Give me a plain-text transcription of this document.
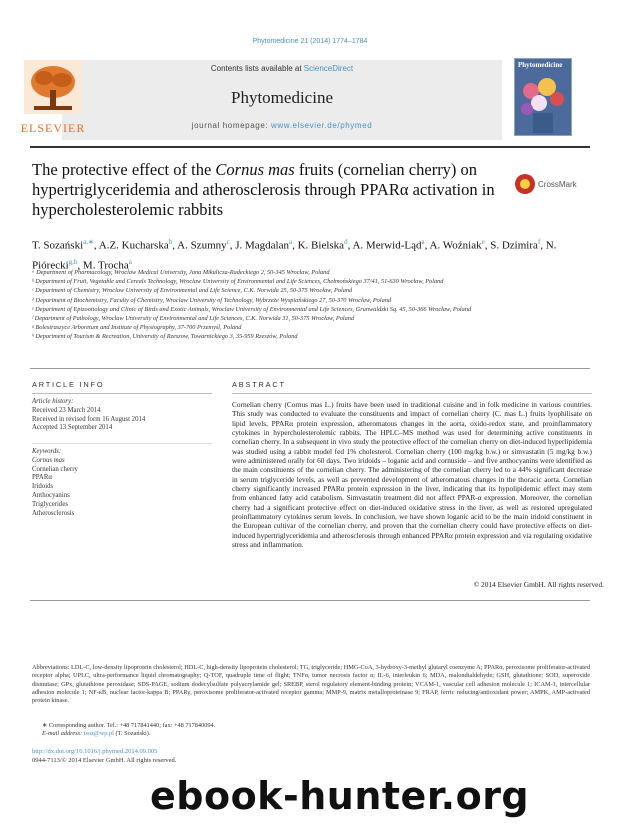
Phytomedicine 21 (2014) 1774–1784
ELSEVIER
Contents lists available at ScienceDirect
Phytomedicine
journal homepage: www.elsevier.de/phymed
Phytomedicine
The protective effect of the Cornus mas fruits (cornelian cherry) on hypertriglyceridemia and atherosclerosis through PPARα activation in hypercholesterolemic rabbits
CrossMark
T. Sozański$^{a,∗}$, A.Z. Kucharska$^b$, A. Szumny$^c$, J. Magdalan$^a$, K. Bielska$^d$, A. Merwid-Ląd$^a$, A. Woźniak$^e$, S. Dzimira$^f$, N. Piórecki$^{g,h}$, M. Trocha$^a$
ᵃ Department of Pharmacology, Wroclaw Medical University, Jana Mikulicza-Radeckiego 2, 50-345 Wrocław, Poland
ᵇ Department of Fruit, Vegetable and Cereals Technology, Wroclaw University of Environmental and Life Sciences, Chełmońskiego 37/41, 51-630 Wrocław, Poland
ᶜ Department of Chemistry, Wroclaw University of Environmental and Life Science, C.K. Norwida 25, 50-375 Wrocław, Poland
ᵈ Department of Biochemistry, Faculty of Chemistry, Wroclaw University of Technology, Wybrzeże Wyspiańskiego 27, 50-370 Wrocław, Poland
ᵉ Department of Epizootiology and Clinic of Birds and Exotic Animals, Wroclaw University of Environmental and Life Sciences, Grunwaldzki Sq. 45, 50-366 Wrocław, Poland
ᶠ Department of Pathology, Wroclaw University of Environmental and Life Sciences, C.K. Norwida 31, 50-375 Wrocław, Poland
ᵍ Bolestraszyce Arboretum and Institute of Physiography, 37-700 Przemyśl, Poland
ʰ Department of Tourism & Recreation, University of Rzeszow, Towarnickiego 3, 35-959 Rzeszów, Poland
ARTICLE INFO	ABSTRACT
Article history:
Received 23 March 2014
Received in revised form 16 August 2014
Accepted 13 September 2014
Keywords:
Cornus mas
Cornelian cherry
PPARα
Iridoids
Anthocyanins
Triglycerides
Atherosclerosis
Cornelian cherry (Cornus mas L.) fruits have been used in traditional cuisine and in folk medicine in various countries. This study was conducted to evaluate the constituents and impact of cornelian cherry (C. mas L.) fruits lyophilisate on lipid levels, PPARα protein expression, atheromatous changes in the aorta, oxido-redox state, and proinflammatory cytokines in hypercholesterolemic rabbits. The HPLC–MS method was used for determining active constituents in cornelian cherry. In a subsequent in vivo study the protective effect of the cornelian cherry on diet-induced hyperlipidemia was studied using a rabbit model fed 1% cholesterol. Cornelian cherry (100 mg/kg b.w.) or simvastatin (5 mg/kg b.w.) were administered orally for 60 days. Two iridoids – loganic acid and cornuside – and five anthocyanins were identified as the main constituents of the cornelian cherry. The administering of the cornelian cherry led to a 44% significant decrease in serum triglyceride levels, as well as prevented development of atheromatous changes in the thoracic aorta. Cornelian cherry significantly increased PPARα protein expression in the liver, indicating that its hypolipidemic effect may stem from enhanced fatty acid catabolism. Simvastatin treatment did not affect PPAR-α expression. Moreover, the cornelian cherry had a significant protective effect on diet-induced oxidative stress in the liver, as well as restored upregulated proinflammatory cytokines serum levels. In conclusion, we have shown loganic acid to be the main iridoid constituent in the European cultivar of the cornelian cherry, and proven that the cornelian cherry could have protective effects on diet-induced hypertriglyceridemia and atherosclerosis through enhanced PPARα protein expression and via regulating oxidative stress and inflammation.
© 2014 Elsevier GmbH. All rights reserved.
Abbreviations: LDL-C, low-density lipoprotein cholesterol; HDL-C, high-density lipoprotein cholesterol; TG, triglyceride; HMG-CoA, 3-hydroxy-3-methyl glutaryl coenzyme A; PPARα, peroxisome proliferator-activated receptor alpha; UPLC, ultra-performance liquid chromatography; Q-TOF, quadruple time of flight; TNFα, tumor necrosis factor α; IL-6, interleukin 6; MDA, malondialdehyde; GSH, glutathione; SOD, superoxide dismutase; GPx, glutathione peroxidase; SDS-PAGE, sodium dodecylsulfate polyacrylamide gel; SREBP, sterol regulatory element-binding protein; VCAM-1, vascular cell adhesion molecule 1; ICAM-1, intercellular adhesion molecule 1; NF-κB, nuclear factor-kappa B; PPARγ, peroxisome proliferator-activated receptor gamma; MMP-9, matrix metalloproteinase 9; FRAP, ferric reducing/antioxidant power; AMPK, AMP-activated protein kinase.
∗ Corresponding author. Tel.: +48 717841440; fax: +48 717840094.
E-mail address: tsoz@wp.pl (T. Sozański).
http://dx.doi.org/10.1016/j.phymed.2014.09.005
0944-7113/© 2014 Elsevier GmbH. All rights reserved.
ebook-hunter.org
